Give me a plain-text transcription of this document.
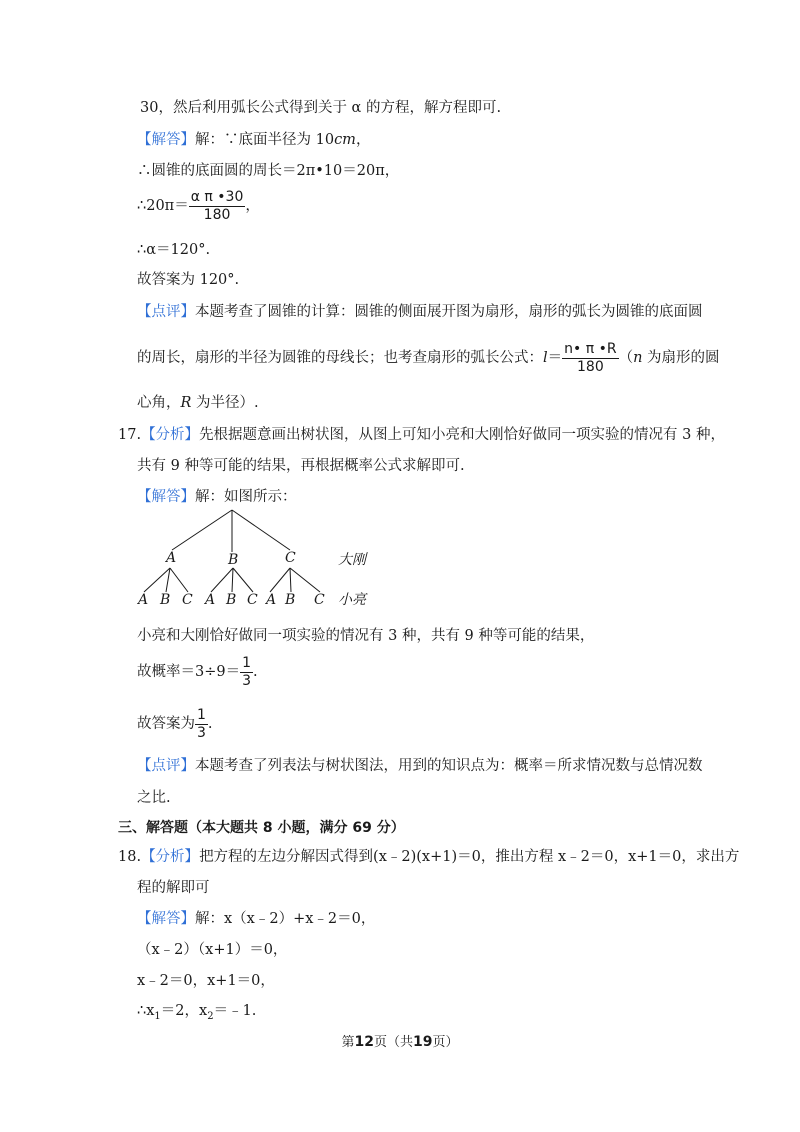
30，然后利用弧长公式得到关于 α 的方程，解方程即可.
【解答】解：∵底面半径为 10cm，
∴圆锥的底面圆的周长＝2π•10＝20π，
∴20π＝ $\frac{\text{α π •30}}{180}$ ，
∴α＝120°.
故答案为 120°.
【点评】本题考查了圆锥的计算：圆锥的侧面展开图为扇形，扇形的弧长为圆锥的底面圆
的周长，扇形的半径为圆锥的母线长；也考查扇形的弧长公式：$l= \frac{n• \pi •R}{180} (n$ 为扇形的圆
心角，R 为半径）.
17.【分析】先根据题意画出树状图，从图上可知小亮和大刚恰好做同一项实验的情况有 3 种，
共有 9 种等可能的结果，再根据概率公式求解即可.
【解答】解：如图所示：
A	B	C	大刚
A B C A B C A B C 小亮
小亮和大刚恰好做同一项实验的情况有 3 种，共有 9 种等可能的结果，
故概率$=3\div 9= \frac{1}{3}$ .
故答案为 $\frac{1}{3}$ .
【点评】本题考查了列表法与树状图法，用到的知识点为：概率＝所求情况数与总情况数
之比.
三、解答题（本大题共 8 小题，满分 69 分）
18.【分析】把方程的左边分解因式得到(x﹣2)(x+1)＝0，推出方程 x﹣2＝0，x+1＝0，求出方
程的解即可
【解答】解：x（x﹣2）+x﹣2＝0，
（x﹣2）（x+1）＝0，
x﹣2＝0，x+1＝0，
$\therefore x_1=2$，$x_2=﹣1$.
第12页（共19页）
